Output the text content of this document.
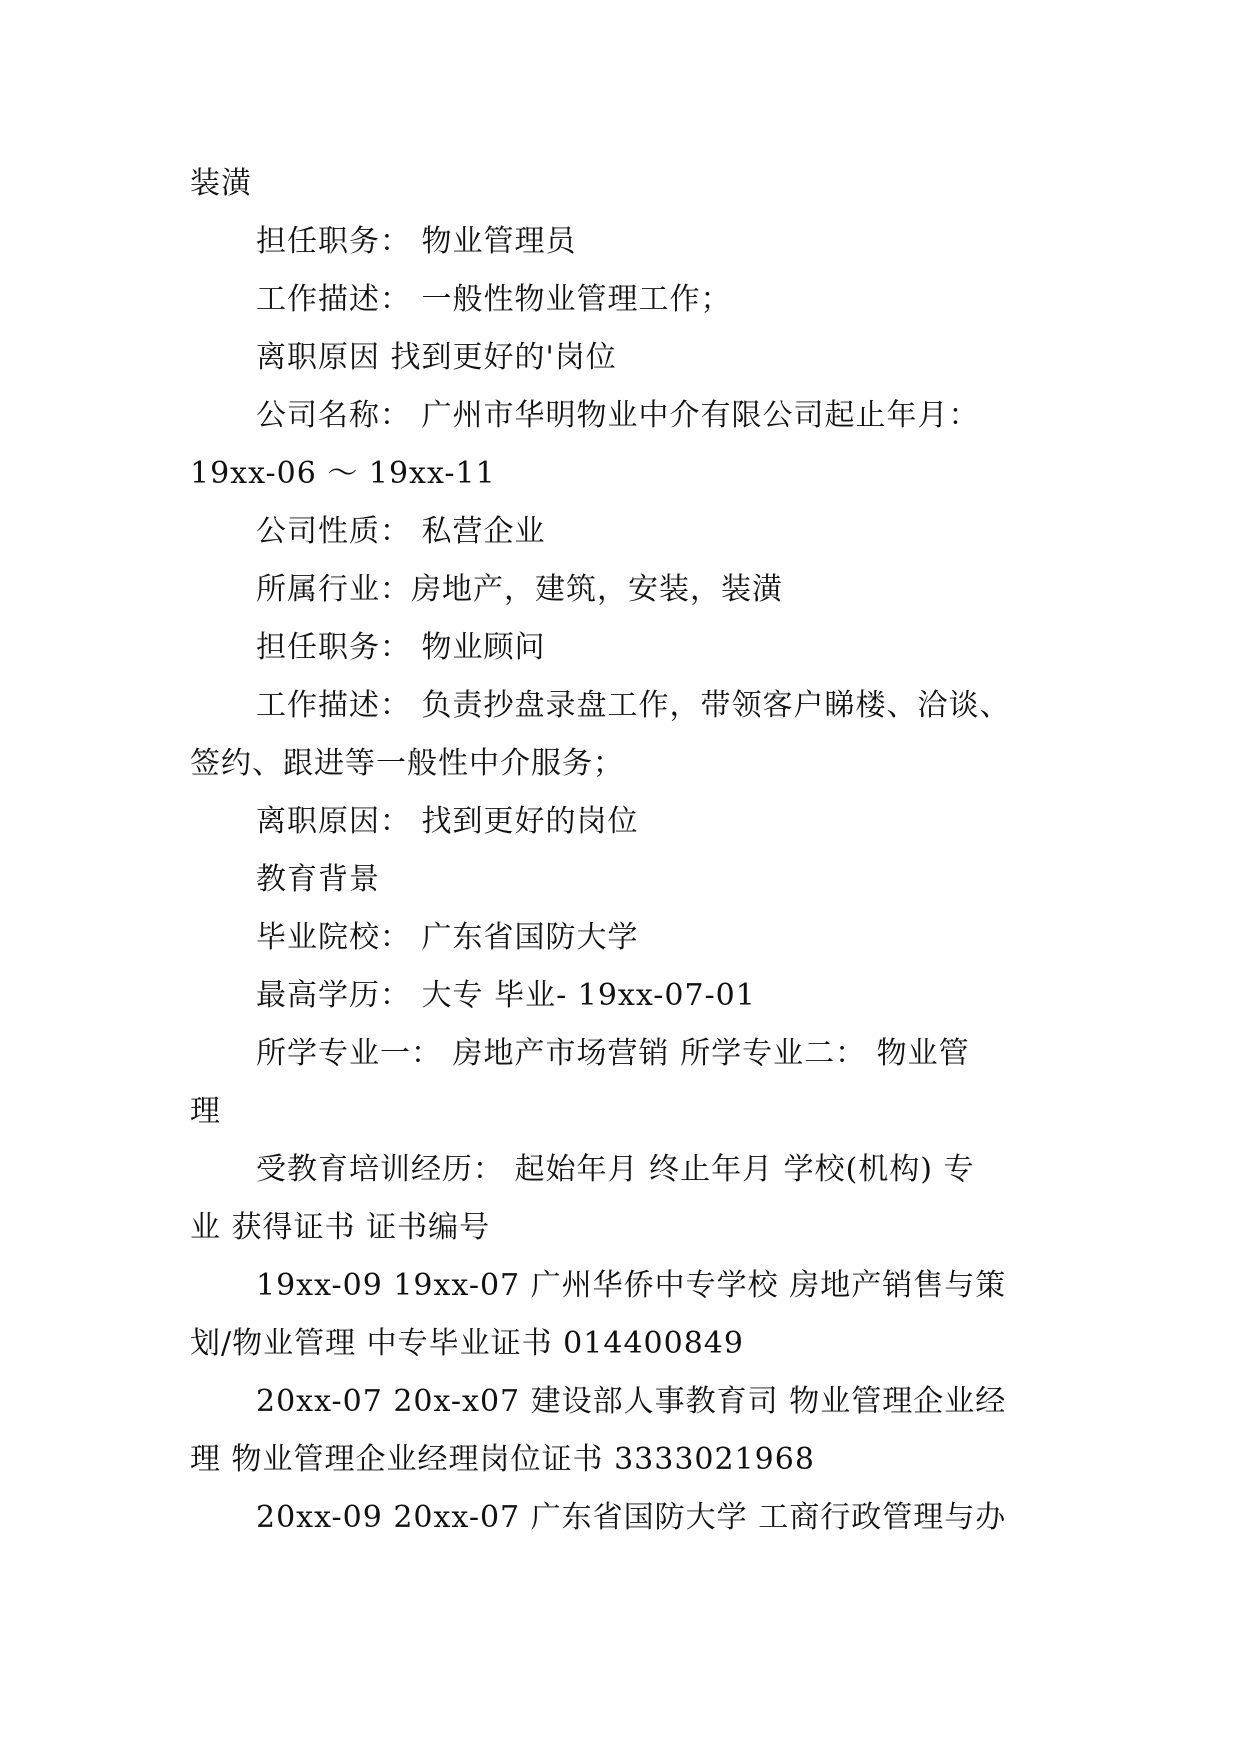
装潢
担任职务： 物业管理员
工作描述： 一般性物业管理工作；
离职原因 找到更好的'岗位
公司名称： 广州市华明物业中介有限公司起止年月：
19xx-06 ～ 19xx-11
公司性质： 私营企业
所属行业：房地产，建筑，安装，装潢
担任职务： 物业顾问
工作描述： 负责抄盘录盘工作，带领客户睇楼、洽谈、
签约、跟进等一般性中介服务；
离职原因： 找到更好的岗位
教育背景
毕业院校： 广东省国防大学
最高学历： 大专 毕业- 19xx-07-01
所学专业一： 房地产市场营销 所学专业二： 物业管
理
受教育培训经历： 起始年月 终止年月 学校(机构) 专
业 获得证书 证书编号
19xx-09 19xx-07 广州华侨中专学校 房地产销售与策
划/物业管理 中专毕业证书 014400849
20xx-07 20x-x07 建设部人事教育司 物业管理企业经
理 物业管理企业经理岗位证书 3333021968
20xx-09 20xx-07 广东省国防大学 工商行政管理与办
